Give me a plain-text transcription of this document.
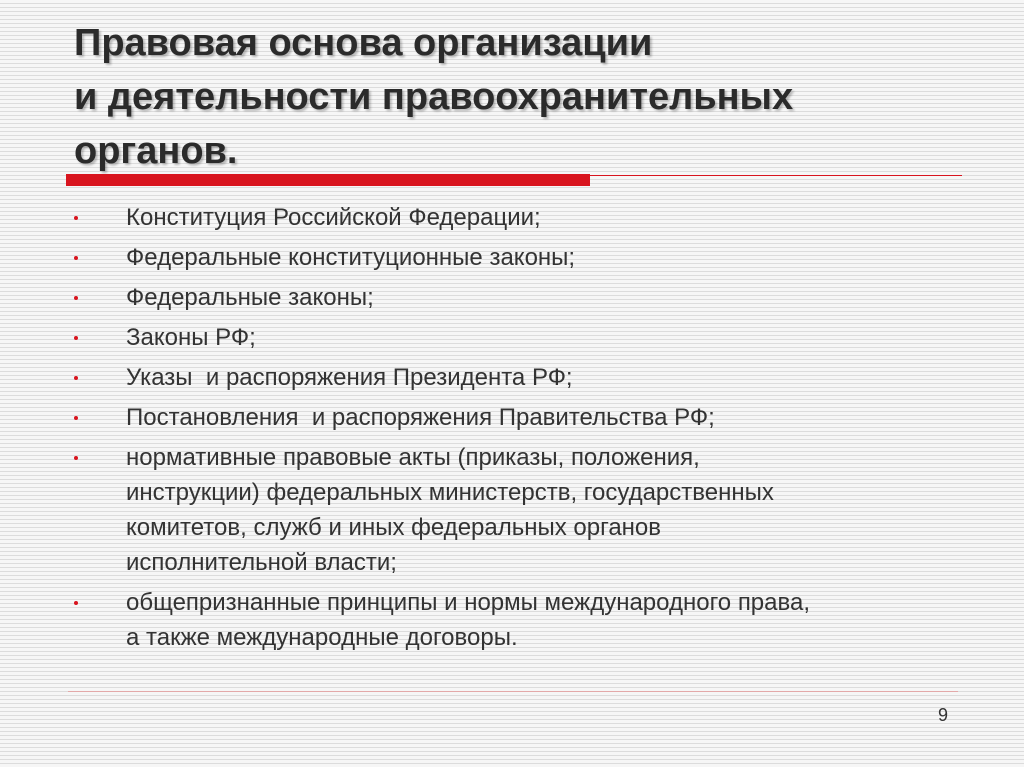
Правовая основа организации
и деятельности правоохранительных
органов.
Конституция Российской Федерации;
Федеральные конституционные законы;
Федеральные законы;
Законы РФ;
Указы  и распоряжения Президента РФ;
Постановления  и распоряжения Правительства РФ;
нормативные правовые акты (приказы, положения,
инструкции) федеральных министерств, государственных
комитетов, служб и иных федеральных органов
исполнительной власти;
общепризнанные принципы и нормы международного права,
а также международные договоры.
9
